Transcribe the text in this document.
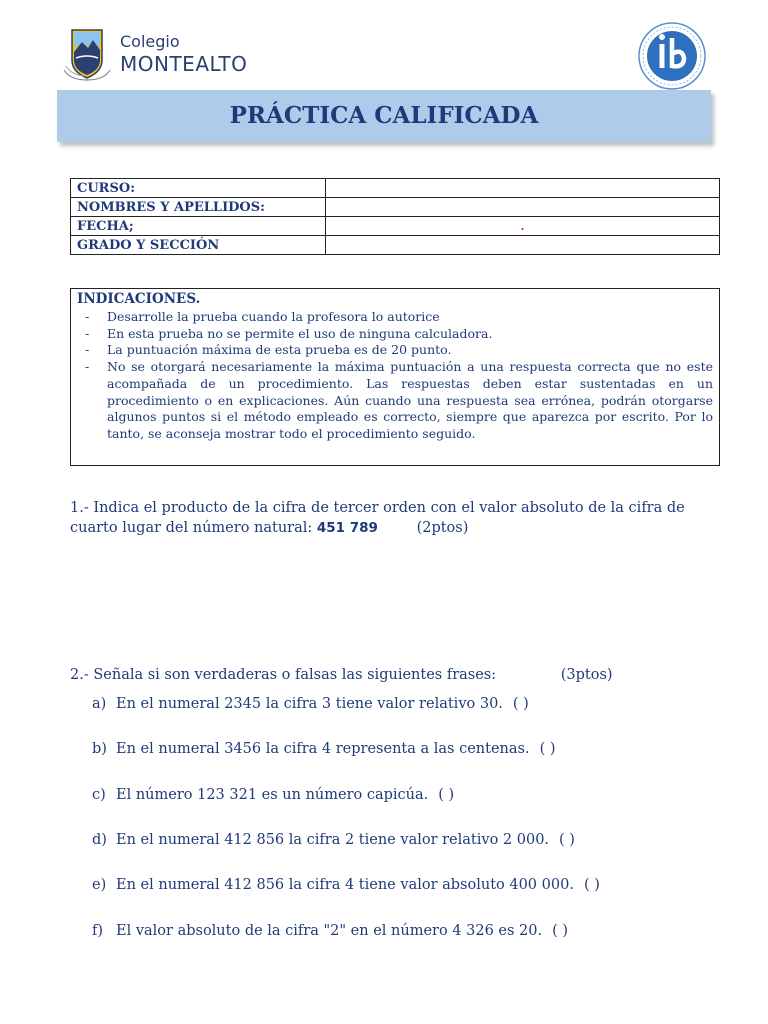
Colegio
MONTEALTO
PRÁCTICA CALIFICADA
CURSO:	
NOMBRES Y APELLIDOS:	
FECHA;	.
GRADO Y SECCIÓN	
INDICACIONES.
- Desarrolle la prueba cuando la profesora lo autorice
- En esta prueba no se permite el uso de ninguna calculadora.
- La puntuación máxima de esta prueba es de 20 punto.
- No se otorgará necesariamente la máxima puntuación a una respuesta correcta que no este acompañada de un procedimiento. Las respuestas deben estar sustentadas en un procedimiento o en explicaciones. Aún cuando una respuesta sea errónea, podrán otorgarse algunos puntos si el método empleado es correcto, siempre que aparezca por escrito. Por lo tanto, se aconseja mostrar todo el procedimiento seguido.
1.- Indica el producto de la cifra de tercer orden con el valor absoluto de la cifra de cuarto lugar del número natural: 451 789	(2ptos)
2.- Señala si son verdaderas o falsas las siguientes frases:	(3ptos)
a) En el numeral 2345 la cifra 3 tiene valor relativo 30. ( )
b) En el numeral 3456 la cifra 4 representa a las centenas. ( )
c) El número 123 321 es un número capicúa. ( )
d) En el numeral 412 856 la cifra 2 tiene valor relativo 2 000. ( )
e) En el numeral 412 856 la cifra 4 tiene valor absoluto 400 000. ( )
f) El valor absoluto de la cifra "2" en el número 4 326 es 20. ( )
